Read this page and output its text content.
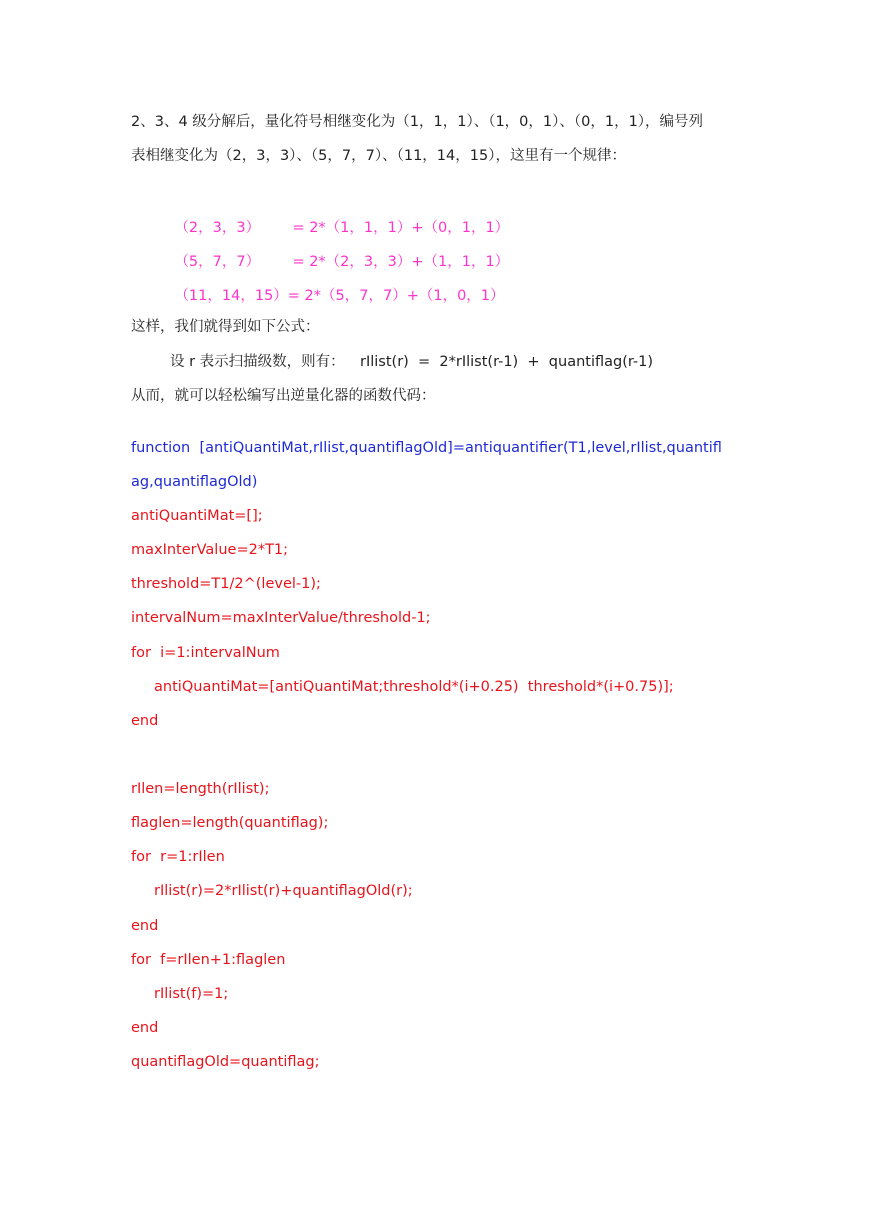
2、3、4 级分解后，量化符号相继变化为（1，1，1）、（1，0，1）、（0，1，1），编号列
表相继变化为（2，3，3）、（5，7，7）、（11，14，15），这里有一个规律：

（2，3，3） = 2*（1，1，1）+（0，1，1）

（5，7，7） = 2*（2，3，3）+（1，1，1）

（11，14，15）= 2*（5，7，7）+（1，0，1）

这样，我们就得到如下公式：
设 r 表示扫描级数，则有： rIlist(r)  =  2*rIlist(r-1)  +  quantiflag(r-1)
从而，就可以轻松编写出逆量化器的函数代码：
function  [antiQuantiMat,rIlist,quantiflagOld]=antiquantifier(T1,level,rIlist,quantifl
ag,quantiflagOld)
antiQuantiMat=[];
maxInterValue=2*T1;
threshold=T1/2^(level-1);
intervalNum=maxInterValue/threshold-1;
for  i=1:intervalNum
antiQuantiMat=[antiQuantiMat;threshold*(i+0.25)  threshold*(i+0.75)];
end
rIlen=length(rIlist);
flaglen=length(quantiflag);
for  r=1:rIlen
rIlist(r)=2*rIlist(r)+quantiflagOld(r);
end
for  f=rIlen+1:flaglen
rIlist(f)=1;
end
quantiflagOld=quantiflag;
